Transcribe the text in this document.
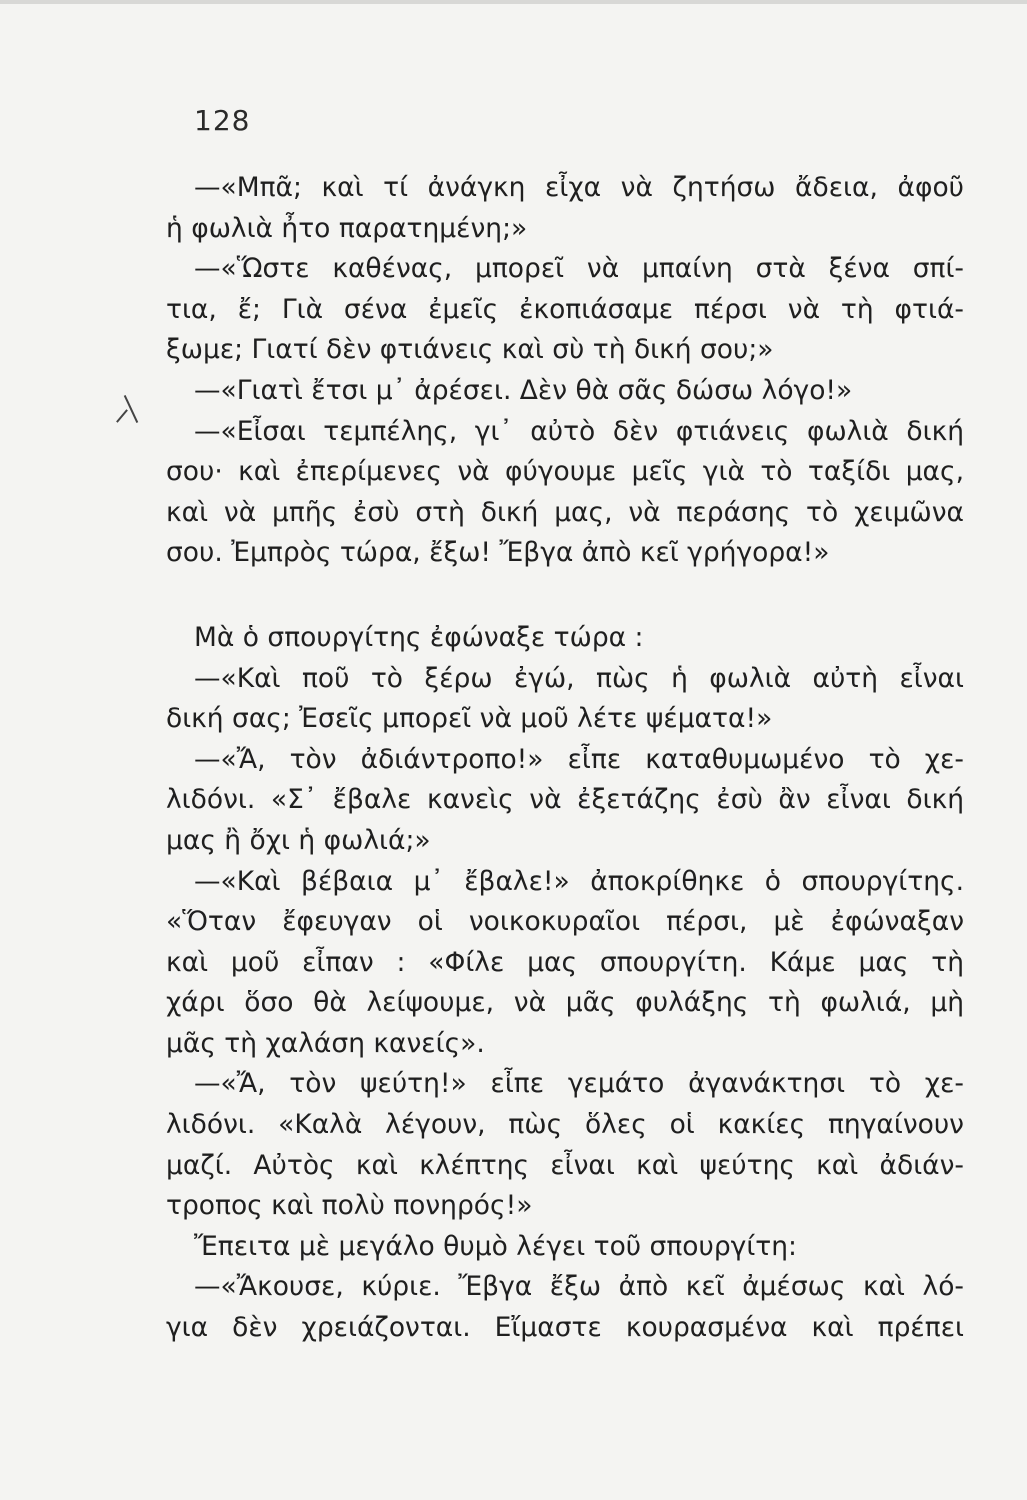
128
—«Μπᾶ; καὶ τί ἀνάγκη εἶχα νὰ ζητήσω ἄδεια, ἀφοῦ
ἡ φωλιὰ ἦτο παρατημένη;»
—«Ὥστε καθένας, μπορεῖ νὰ μπαίνη στὰ ξένα σπί-
τια, ἔ; Γιὰ σένα ἐμεῖς ἐκοπιάσαμε πέρσι νὰ τὴ φτιά-
ξωμε; Γιατί δὲν φτιάνεις καὶ σὺ τὴ δική σου;»
—«Γιατὶ ἔτσι μ᾽ ἀρέσει. Δὲν θὰ σᾶς δώσω λόγο!»
—«Εἶσαι τεμπέλης, γι᾽ αὐτὸ δὲν φτιάνεις φωλιὰ δική
σου· καὶ ἐπερίμενες νὰ φύγουμε μεῖς γιὰ τὸ ταξίδι μας,
καὶ νὰ μπῆς ἐσὺ στὴ δική μας, νὰ περάσης τὸ χειμῶνα
σου. Ἐμπρὸς τώρα, ἔξω! Ἔβγα ἀπὸ κεῖ γρήγορα!»
Μὰ ὁ σπουργίτης ἐφώναξε τώρα :
—«Καὶ ποῦ τὸ ξέρω ἐγώ, πὼς ἡ φωλιὰ αὐτὴ εἶναι
δική σας; Ἐσεῖς μπορεῖ νὰ μοῦ λέτε ψέματα!»
—«Ἄ, τὸν ἀδιάντροπο!» εἶπε καταθυμωμένο τὸ χε-
λιδόνι. «Σ᾽ ἔβαλε κανεὶς νὰ ἐξετάζης ἐσὺ ἂν εἶναι δική
μας ἢ ὄχι ἡ φωλιά;»
—«Καὶ βέβαια μ᾽ ἔβαλε!» ἀποκρίθηκε ὁ σπουργίτης.
«Ὅταν ἔφευγαν οἱ νοικοκυραῖοι πέρσι, μὲ ἐφώναξαν
καὶ μοῦ εἶπαν : «Φίλε μας σπουργίτη. Κάμε μας τὴ
χάρι ὅσο θὰ λείψουμε, νὰ μᾶς φυλάξης τὴ φωλιά, μὴ
μᾶς τὴ χαλάση κανείς».
—«Ἄ, τὸν ψεύτη!» εἶπε γεμάτο ἀγανάκτησι τὸ χε-
λιδόνι. «Καλὰ λέγουν, πὼς ὅλες οἱ κακίες πηγαίνουν
μαζί. Αὐτὸς καὶ κλέπτης εἶναι καὶ ψεύτης καὶ ἀδιάν-
τροπος καὶ πολὺ πονηρός!»
Ἔπειτα μὲ μεγάλο θυμὸ λέγει τοῦ σπουργίτη:
—«Ἄκουσε, κύριε. Ἔβγα ἔξω ἀπὸ κεῖ ἀμέσως καὶ λό-
για δὲν χρειάζονται. Εἴμαστε κουρασμένα καὶ πρέπει
